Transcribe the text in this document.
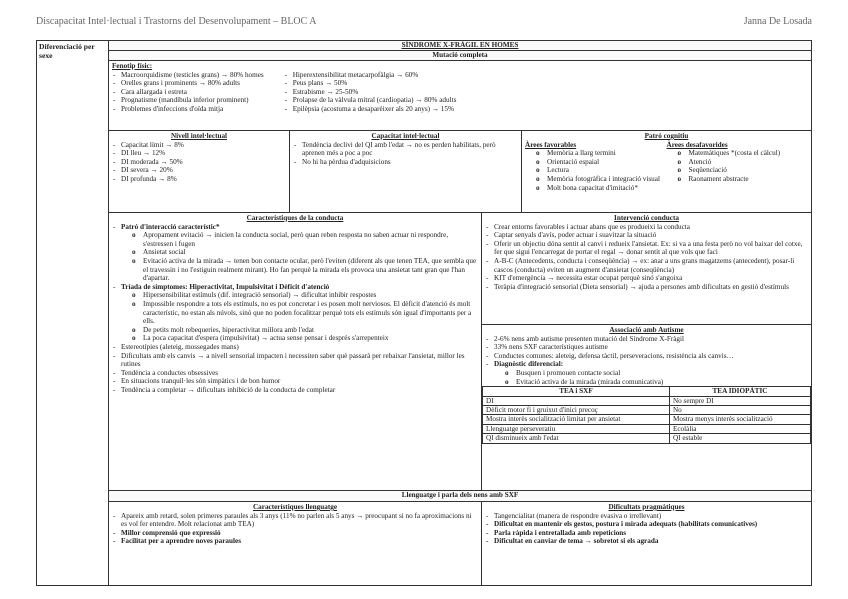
Discapacitat Intel·lectual i Trastorns del Desenvolupament – BLOC A	Janna De Losada
Diferenciació per sexe
SÍNDROME X-FRÀGIL EN HOMES
Mutació completa
Fenotip físic:
- Macroorquidisme (testicles grans) → 80% homes
- Orelles grans i prominents → 80% adults
- Cara allargada i estreta
- Prognatisme (mandíbula inferior prominent)
- Problemes d'infeccions d'oïda mitja
- Hiperextensibilitat metacarpofàlgia → 60%
- Peus plans → 50%
- Estrabisme → 25-50%
- Prolapse de la vàlvula mitral (cardiopatia) → 80% adults
- Epilèpsia (acostuma a desaparèixer als 20 anys) → 15%
Nivell intel·lectual
- Capacitat límit → 8%
- DI lleu → 12%
- DI moderada → 50%
- DI severa → 20%
- DI profunda → 8%
Capacitat intel·lectual
- Tendència declivi del QI amb l'edat → no es perden habilitats, però aprenen més a poc a poc
- No hi ha pèrdua d'adquisicions
Patró cognitiu
Àrees favorables
o Memòria a llarg termini
o Orientació espaial
o Lectura
o Memòria fotogràfica i integració visual
o Molt bona capacitat d'imitació*
Àrees desafavorides
o Matemàtiques *(costa el càlcul)
o Atenció
o Seqüenciació
o Raonament abstracte
Característiques de la conducta
- Patró d'interacció característic*
o Apropament evitació → inicien la conducta social, però quan reben resposta no saben actuar ni respondre, s'estressen i fugen
o Ansietat social
o Evitació activa de la mirada → tenen bon contacte ocular, però l'eviten (diferent als que tenen TEA, que sembla que el travessin i no l'estiguin realment mirant). Ho fan perquè la mirada els provoca una ansietat tant gran que l'han d'apartar.
- Tríada de símptomes: Hiperactivitat, Impulsivitat i Dèficit d'atenció
o Hipersensibilitat estímuls (dif. integració sensorial) → dificultat inhibir respostes
o Impossible respondre a tots els estímuls, no es pot concretar i es posen molt nerviosos. El dèficit d'atenció és molt característic, no estan als núvols, sinó que no poden focalitzar perquè tots els estímuls són igual d'importants per a ells.
o De petits molt rebequeries, hiperactivitat millora amb l'edat
o La poca capacitat d'espera (impulsivitat) → actua sense pensar i després s'arrepenteix
- Estereotípies (aleteig, mossegades mans)
- Dificultats amb els canvis → a nivell sensorial impacten i necessiten saber què passarà per rebaixar l'ansietat, millor les rutines
- Tendència a conductes obsessives
- En situacions tranquil·les són simpàtics i de bon humor
- Tendència a completar → dificultats inhibició de la conducta de completar
Intervenció conducta
- Crear entorns favorables i actuar abans que es produeixi la conducta
- Captar senyals d'avís, poder actuar i suavitzar la situació
- Oferir un objectiu dóna sentit al canvi i redueix l'ansietat. Ex: si va a una festa però no vol baixar del cotxe, fer que sigui l'encarregat de portar el regal → donar sentit al que vols que faci
- A-B-C (Antecedents, conducta i conseqüència) → ex: anar a uns grans magatzems (antecedent), posar-li cascos (conducta) eviten un augment d'ansietat (conseqüència)
- KIT d'emergència → necessita estar ocupat perquè sinó s'angoixa
- Teràpia d'integració sensorial (Dieta sensorial) → ajuda a persones amb dificultats en gestió d'estímuls
Associació amb Autisme
- 2-6% nens amb autisme presenten mutació del Síndrome X-Fràgil
- 33% nens SXF característiques autisme
- Conductes comunes: aleteig, defensa tàctil, perseveracions, resistència als canvis…
- Diagnòstic diferencial:
o Busquen i promouen contacte social
o Evitació activa de la mirada (mirada comunicativa)
TEA i SXF	TEA IDIOPÀTIC
DI	No sempre DI
Dèficit motor fi i gruixut d'inici precoç	No
Mostra interès socialització limitat per ansietat	Mostra menys interès socialització
Llenguatge perseveratiu	Ecolàlia
QI disminueix amb l'edat	QI estable
Llenguatge i parla dels nens amb SXF
Característiques llenguatge
- Apareix amb retard, solen primeres paraules als 3 anys (11% no parlen als 5 anys → preocupant si no fa aproximacions ni es vol fer entendre. Molt relacionat amb TEA)
- Millor comprensió que expressió
- Facilitat per a aprendre noves paraules
Dificultats pragmàtiques
- Tangencialitat (manera de respondre evasiva o irrellevant)
- Dificultat en mantenir els gestos, postura i mirada adequats (habilitats comunicatives)
- Parla ràpida i entretallada amb repeticions
- Dificultat en canviar de tema → sobretot si els agrada
